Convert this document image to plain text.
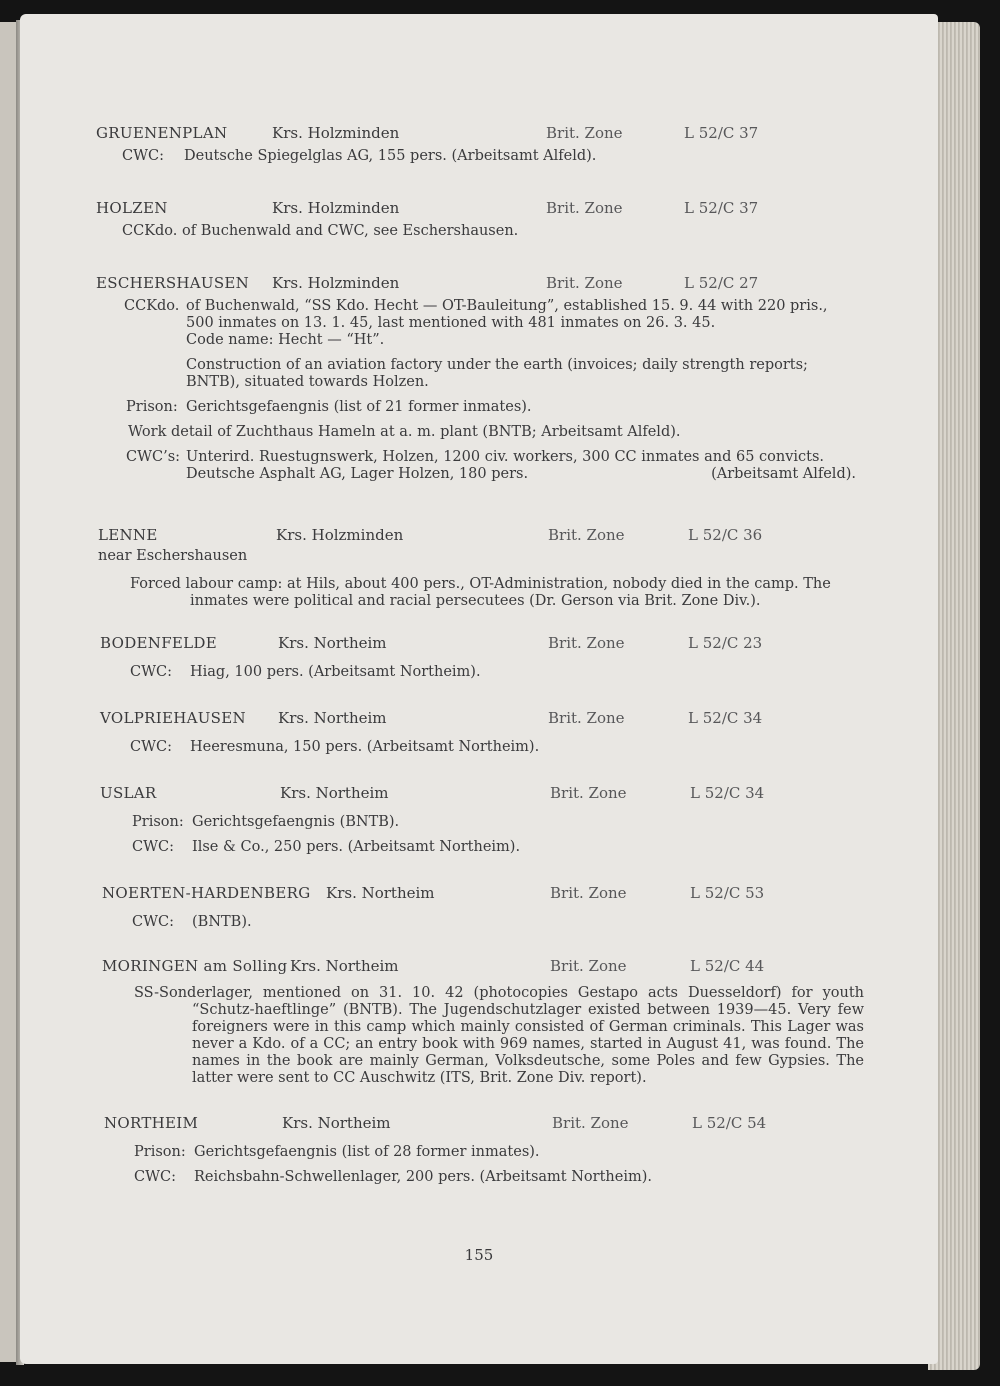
GRUENENPLAN	Krs. Holzminden	Brit. Zone	L 52/C 37
CWC: Deutsche Spiegelglas AG, 155 pers. (Arbeitsamt Alfeld).
HOLZEN	Krs. Holzminden	Brit. Zone	L 52/C 37
CCKdo. of Buchenwald and CWC, see Eschershausen.
ESCHERSHAUSEN Krs. Holzminden	Brit. Zone	L 52/C 27
CCKdo. of Buchenwald, “SS Kdo. Hecht — OT-Bauleitung”, established 15. 9. 44 with 220 pris., 500 inmates on 13. 1. 45, last mentioned with 481 inmates on 26. 3. 45.
Code name: Hecht — “Ht”.
Construction of an aviation factory under the earth (invoices; daily strength reports; BNTB), situated towards Holzen.
Prison: Gerichtsgefaengnis (list of 21 former inmates).
Work detail of Zuchthaus Hameln at a. m. plant (BNTB; Arbeitsamt Alfeld).
CWC’s: Unterird. Ruestugnswerk, Holzen, 1200 civ. workers, 300 CC inmates and 65 convicts.
Deutsche Asphalt AG, Lager Holzen, 180 pers.	(Arbeitsamt Alfeld).
LENNE	Krs. Holzminden	Brit. Zone	L 52/C 36
near Eschershausen
Forced labour camp: at Hils, about 400 pers., OT-Administration, nobody died in the camp. The inmates were political and racial persecutees (Dr. Gerson via Brit. Zone Div.).
BODENFELDE	Krs. Northeim	Brit. Zone	L 52/C 23
CWC: Hiag, 100 pers. (Arbeitsamt Northeim).
VOLPRIEHAUSEN Krs. Northeim	Brit. Zone	L 52/C 34
CWC: Heeresmuna, 150 pers. (Arbeitsamt Northeim).
USLAR	Krs. Northeim	Brit. Zone	L 52/C 34
Prison: Gerichtsgefaengnis (BNTB).
CWC: Ilse & Co., 250 pers. (Arbeitsamt Northeim).
NOERTEN-HARDENBERG Krs. Northeim	Brit. Zone	L 52/C 53
CWC: (BNTB).
MORINGEN am Solling Krs. Northeim	Brit. Zone	L 52/C 44
SS-Sonderlager, mentioned on 31. 10. 42 (photocopies Gestapo acts Duesseldorf) for youth “Schutz-haeftlinge” (BNTB). The Jugendschutzlager existed between 1939—45. Very few foreigners were in this camp which mainly consisted of German criminals. This Lager was never a Kdo. of a CC; an entry book with 969 names, started in August 41, was found. The names in the book are mainly German, Volksdeutsche, some Poles and few Gypsies. The latter were sent to CC Auschwitz (ITS, Brit. Zone Div. report).
NORTHEIM	Krs. Northeim	Brit. Zone	L 52/C 54
Prison: Gerichtsgefaengnis (list of 28 former inmates).
CWC: Reichsbahn-Schwellenlager, 200 pers. (Arbeitsamt Northeim).
155
